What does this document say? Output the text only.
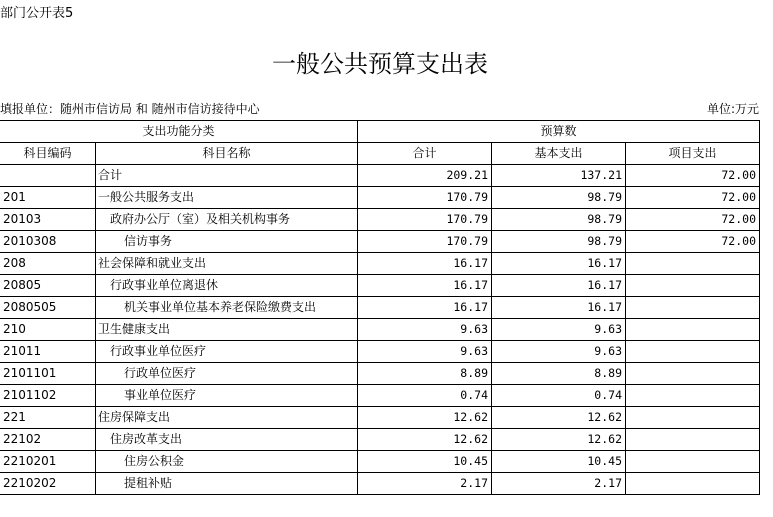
部门公开表5
一般公共预算支出表
填报单位：随州市信访局 和 随州市信访接待中心	单位:万元
支出功能分类		预算数		
科目编码	科目名称	合计	基本支出	项目支出
	合计	209.21	137.21	72.00
201	一般公共服务支出	170.79	98.79	72.00
20103	政府办公厅（室）及相关机构事务	170.79	98.79	72.00
2010308	信访事务	170.79	98.79	72.00
208	社会保障和就业支出	16.17	16.17	
20805	行政事业单位离退休	16.17	16.17	
2080505	机关事业单位基本养老保险缴费支出	16.17	16.17	
210	卫生健康支出	9.63	9.63	
21011	行政事业单位医疗	9.63	9.63	
2101101	行政单位医疗	8.89	8.89	
2101102	事业单位医疗	0.74	0.74	
221	住房保障支出	12.62	12.62	
22102	住房改革支出	12.62	12.62	
2210201	住房公积金	10.45	10.45	
2210202	提租补贴	2.17	2.17	
